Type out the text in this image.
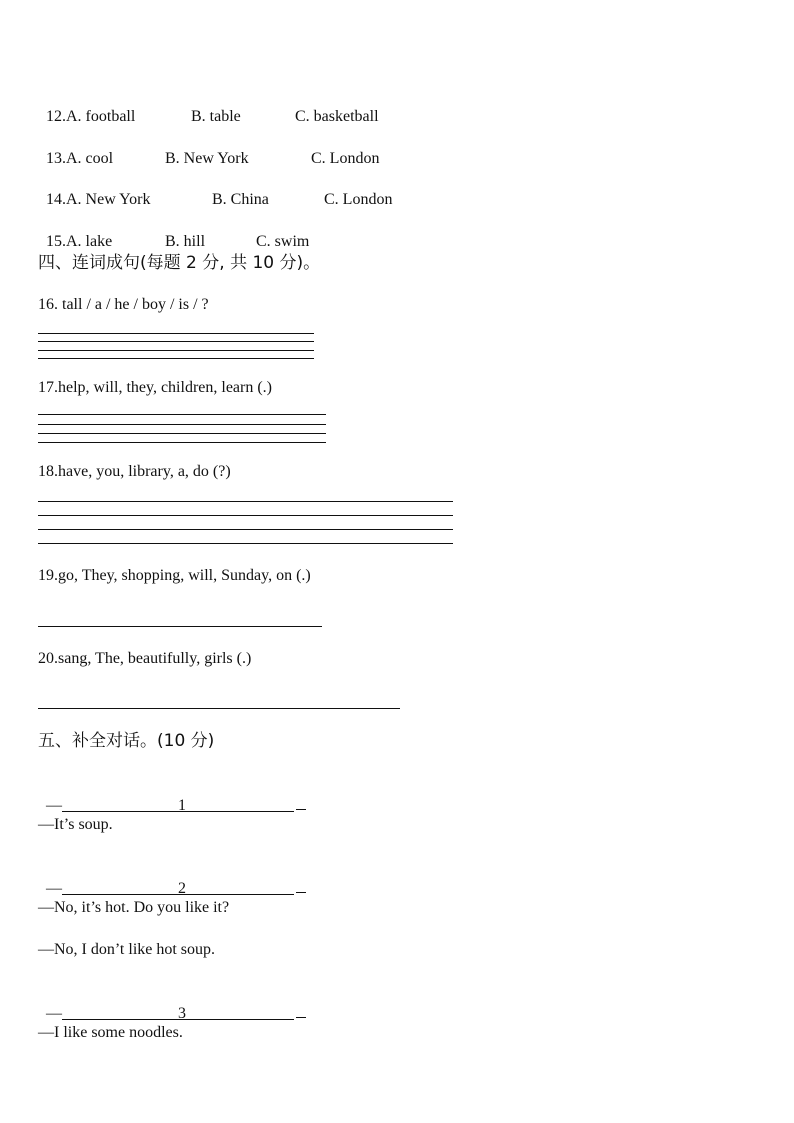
12.A. football	B. table	C. basketball

13.A. cool	B. New York	C. London

14.A. New York	B. China	C. London

15.A. lake	B. hill	C. swim

四、连词成句(每题 2 分, 共 10 分)。
16. tall / a / he / boy / is / ?
17.help, will, they, children, learn (.)
18.have, you, library, a, do (?)
19.go, They, shopping, will, Sunday, on (.)
20.sang, The, beautifully, girls (.)
五、补全对话。(10 分)

—	1

—It’s soup.

—	2

—No, it’s hot. Do you like it?
—No, I don’t like hot soup.

—	3

—I like some noodles.
